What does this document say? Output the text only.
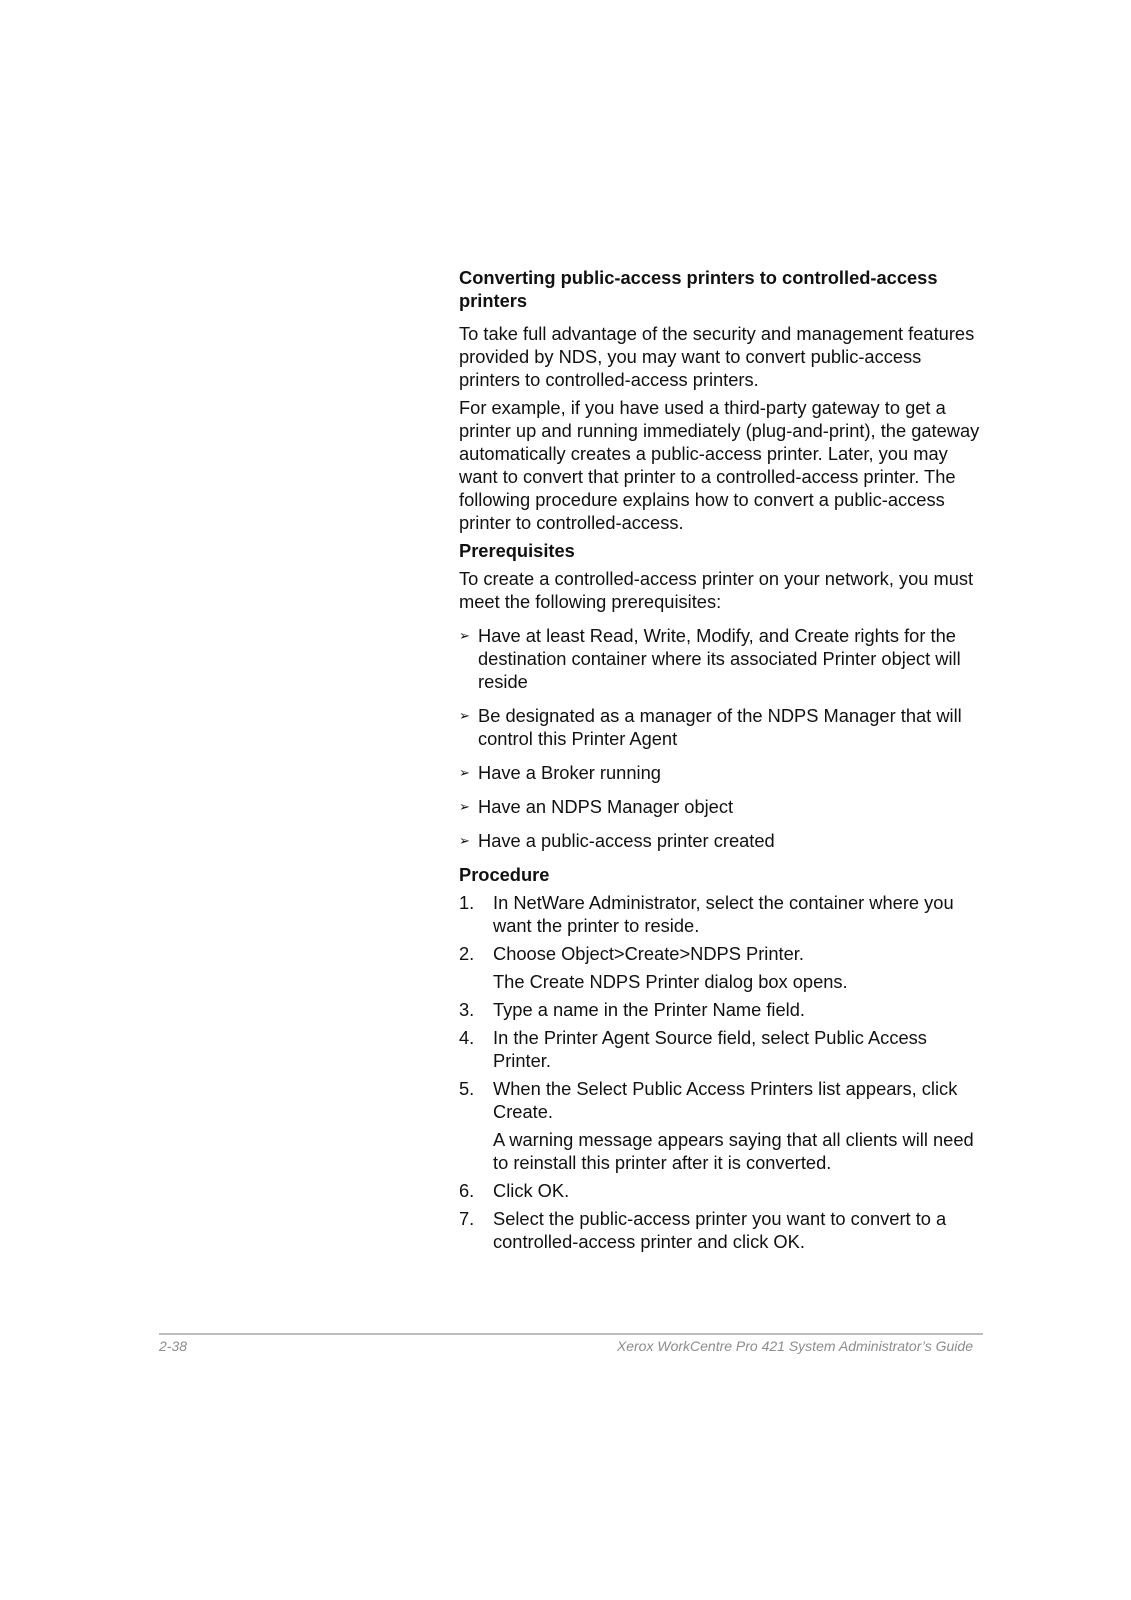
Converting public-access printers to controlled-access printers

To take full advantage of the security and management features provided by NDS, you may want to convert public-access printers to controlled-access printers.

For example, if you have used a third-party gateway to get a printer up and running immediately (plug-and-print), the gateway automatically creates a public-access printer. Later, you may want to convert that printer to a controlled-access printer. The following procedure explains how to convert a public-access printer to controlled-access.

Prerequisites

To create a controlled-access printer on your network, you must meet the following prerequisites:

➢ Have at least Read, Write, Modify, and Create rights for the destination container where its associated Printer object will reside
➢ Be designated as a manager of the NDPS Manager that will control this Printer Agent
➢ Have a Broker running
➢ Have an NDPS Manager object
➢ Have a public-access printer created
Procedure
1. In NetWare Administrator, select the container where you want the printer to reside.
2. Choose Object>Create>NDPS Printer.
The Create NDPS Printer dialog box opens.
3. Type a name in the Printer Name field.
4. In the Printer Agent Source field, select Public Access Printer.
5. When the Select Public Access Printers list appears, click Create.
A warning message appears saying that all clients will need to reinstall this printer after it is converted.
6. Click OK.
7. Select the public-access printer you want to convert to a controlled-access printer and click OK.
2-38	Xerox WorkCentre Pro 421 System Administrator’s Guide
